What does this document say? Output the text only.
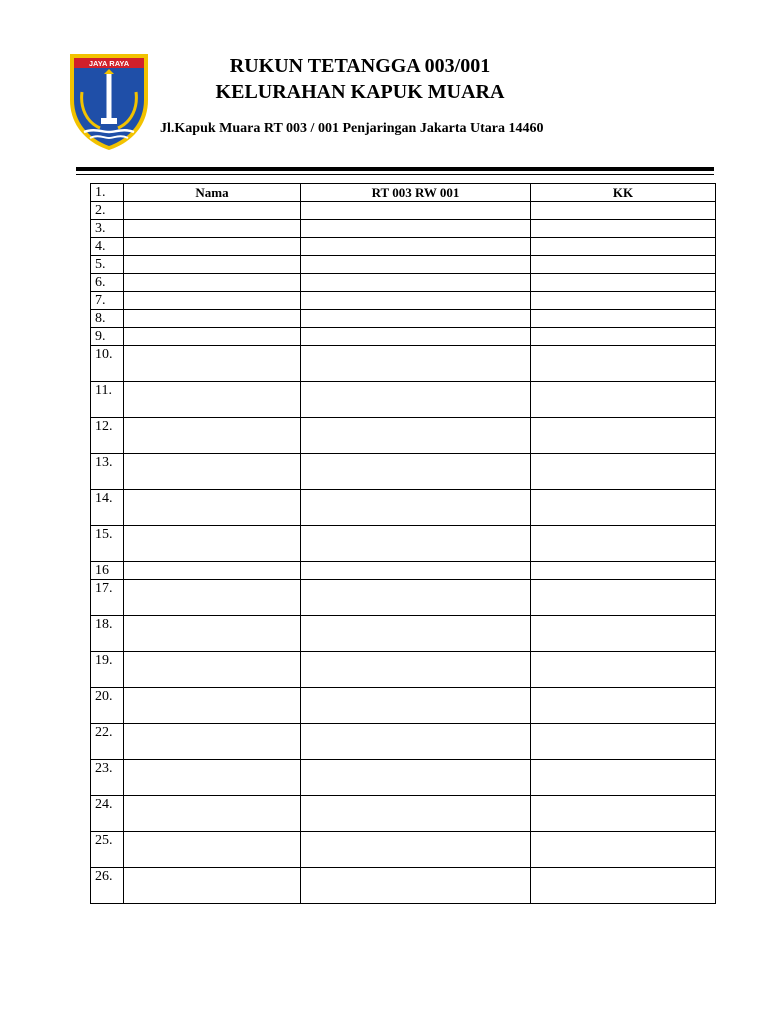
JAYA RAYA	RUKUN TETANGGA 003/001
KELURAHAN KAPUK MUARA
Jl.Kapuk Muara RT 003 / 001 Penjaringan Jakarta Utara 14460
1.	Nama	RT 003 RW 001	KK
2.			
3.			
4.			
5.			
6.			
7.			
8.			
9.			
10.			
11.			
12.			
13.			
14.			
15.			
16			
17.			
18.			
19.			
20.			
22.			
23.			
24.			
25.			
26.			
